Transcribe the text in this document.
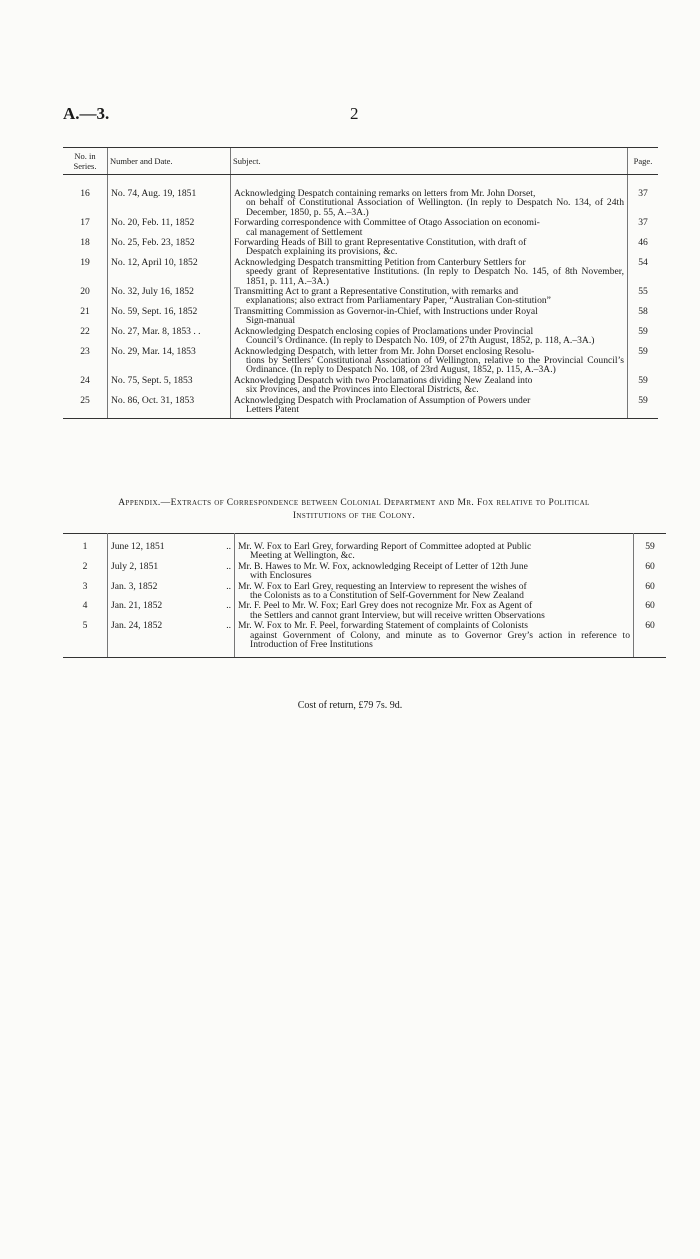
A.—3.	2
No. in Series.	Number and Date.	Subject.	Page.
16	No. 74, Aug. 19, 1851	Acknowledging Despatch containing remarks on letters from Mr. John Dorset,
on behalf of Constitutional Association of Wellington. (In reply to Despatch No. 134, of 24th December, 1850, p. 55, A.–3A.)	37
17	No. 20, Feb. 11, 1852	Forwarding correspondence with Committee of Otago Association on economi-
cal management of Settlement	37
18	No. 25, Feb. 23, 1852	Forwarding Heads of Bill to grant Representative Constitution, with draft of
Despatch explaining its provisions, &c.	46
19	No. 12, April 10, 1852	Acknowledging Despatch transmitting Petition from Canterbury Settlers for
speedy grant of Representative Institutions. (In reply to Despatch No. 145, of 8th November, 1851, p. 111, A.–3A.)	54
20	No. 32, July 16, 1852	Transmitting Act to grant a Representative Constitution, with remarks and
explanations; also extract from Parliamentary Paper, “Australian Con-stitution”	55
21	No. 59, Sept. 16, 1852	Transmitting Commission as Governor-in-Chief, with Instructions under Royal
Sign-manual	58
22	No. 27, Mar. 8, 1853 . .	Acknowledging Despatch enclosing copies of Proclamations under Provincial
Council’s Ordinance. (In reply to Despatch No. 109, of 27th August, 1852, p. 118, A.–3A.)	59
23	No. 29, Mar. 14, 1853	Acknowledging Despatch, with letter from Mr. John Dorset enclosing Resolu-
tions by Settlers’ Constitutional Association of Wellington, relative to the Provincial Council’s Ordinance. (In reply to Despatch No. 108, of 23rd August, 1852, p. 115, A.–3A.)	59
24	No. 75, Sept. 5, 1853	Acknowledging Despatch with two Proclamations dividing New Zealand into
six Provinces, and the Provinces into Electoral Districts, &c.	59
25	No. 86, Oct. 31, 1853	Acknowledging Despatch with Proclamation of Assumption of Powers under
Letters Patent	59
Appendix.—Extracts of Correspondence between Colonial Department and Mr. Fox relative to Political
Institutions of the Colony.
1	June 12, 1851	..	Mr. W. Fox to Earl Grey, forwarding Report of Committee adopted at Public
Meeting at Wellington, &c.	59
2	July 2, 1851	..	Mr. B. Hawes to Mr. W. Fox, acknowledging Receipt of Letter of 12th June
with Enclosures	60
3	Jan. 3, 1852	..	Mr. W. Fox to Earl Grey, requesting an Interview to represent the wishes of
the Colonists as to a Constitution of Self-Government for New Zealand	60
4	Jan. 21, 1852	..	Mr. F. Peel to Mr. W. Fox; Earl Grey does not recognize Mr. Fox as Agent of
the Settlers and cannot grant Interview, but will receive written Observations	60
5	Jan. 24, 1852	..	Mr. W. Fox to Mr. F. Peel, forwarding Statement of complaints of Colonists
against Government of Colony, and minute as to Governor Grey’s action in reference to Introduction of Free Institutions	60
Cost of return, £79 7s. 9d.
